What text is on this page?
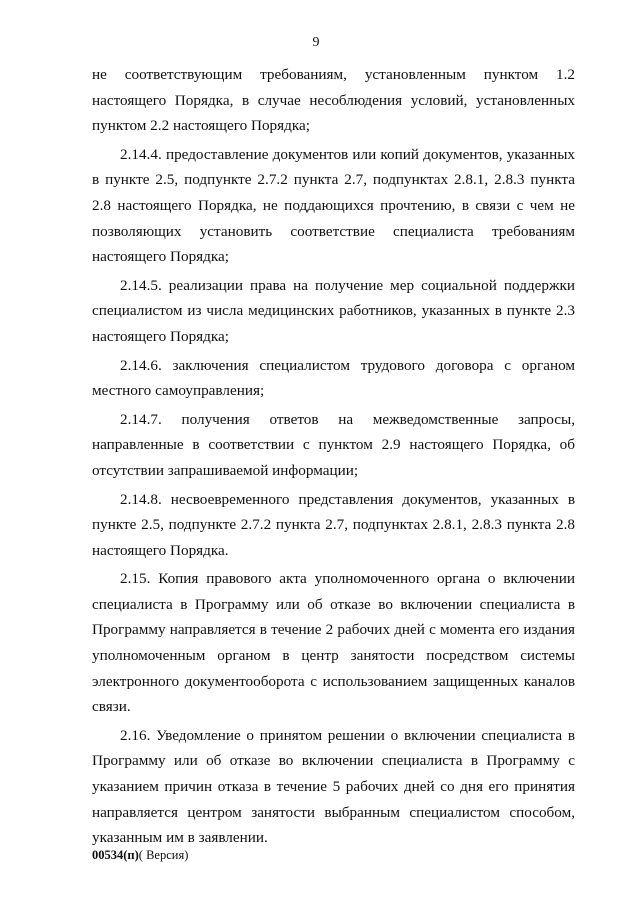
9

не соответствующим требованиям, установленным пунктом 1.2 настоящего Порядка, в случае несоблюдения условий, установленных пунктом 2.2 настоящего Порядка;

2.14.4. предоставление документов или копий документов, указанных в пункте 2.5, подпункте 2.7.2 пункта 2.7, подпунктах 2.8.1, 2.8.3 пункта 2.8 настоящего Порядка, не поддающихся прочтению, в связи с чем не позволяющих установить соответствие специалиста требованиям настоящего Порядка;

2.14.5. реализации права на получение мер социальной поддержки специалистом из числа медицинских работников, указанных в пункте 2.3 настоящего Порядка;

2.14.6. заключения специалистом трудового договора с органом местного самоуправления;

2.14.7. получения ответов на межведомственные запросы, направленные в соответствии с пунктом 2.9 настоящего Порядка, об отсутствии запрашиваемой информации;

2.14.8. несвоевременного представления документов, указанных в пункте 2.5, подпункте 2.7.2 пункта 2.7, подпунктах 2.8.1, 2.8.3 пункта 2.8 настоящего Порядка.

2.15. Копия правового акта уполномоченного органа о включении специалиста в Программу или об отказе во включении специалиста в Программу направляется в течение 2 рабочих дней с момента его издания уполномоченным органом в центр занятости посредством системы электронного документооборота с использованием защищенных каналов связи.

2.16. Уведомление о принятом решении о включении специалиста в Программу или об отказе во включении специалиста в Программу с указанием причин отказа в течение 5 рабочих дней со дня его принятия направляется центром занятости выбранным специалистом способом, указанным им в заявлении.

00534(п)( Версия)
